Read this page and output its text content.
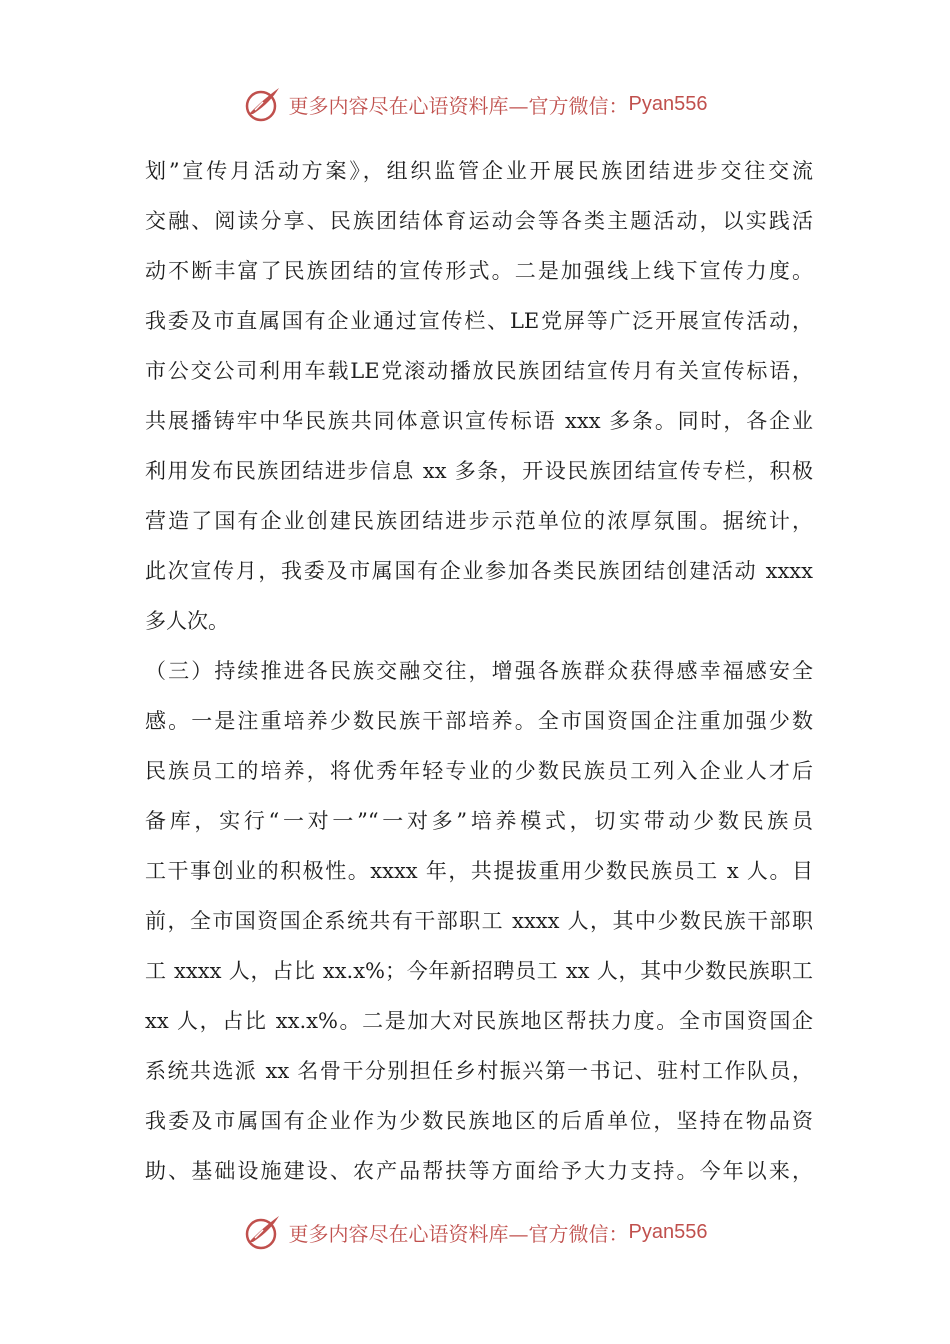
更多内容尽在心语资料库—官方微信： Pyan556
划”宣传月活动方案》，组织监管企业开展民族团结进步交往交流
交融、阅读分享、民族团结体育运动会等各类主题活动，以实践活
动不断丰富了民族团结的宣传形式。二是加强线上线下宣传力度。
我委及市直属国有企业通过宣传栏、LE党屏等广泛开展宣传活动，
市公交公司利用车载LE党滚动播放民族团结宣传月有关宣传标语，
共展播铸牢中华民族共同体意识宣传标语 xxx 多条。同时，各企业
利用发布民族团结进步信息 xx 多条，开设民族团结宣传专栏，积极
营造了国有企业创建民族团结进步示范单位的浓厚氛围。据统计，
此次宣传月，我委及市属国有企业参加各类民族团结创建活动 xxxx
多人次。
（三）持续推进各民族交融交往，增强各族群众获得感幸福感安全
感。一是注重培养少数民族干部培养。全市国资国企注重加强少数
民族员工的培养，将优秀年轻专业的少数民族员工列入企业人才后
备库，实行“一对一”“一对多”培养模式，切实带动少数民族员
工干事创业的积极性。xxxx 年，共提拔重用少数民族员工 x 人。目
前，全市国资国企系统共有干部职工 xxxx 人，其中少数民族干部职
工 xxxx 人，占比 xx.x%；今年新招聘员工 xx 人，其中少数民族职工
xx 人，占比 xx.x%。二是加大对民族地区帮扶力度。全市国资国企
系统共选派 xx 名骨干分别担任乡村振兴第一书记、驻村工作队员，
我委及市属国有企业作为少数民族地区的后盾单位，坚持在物品资
助、基础设施建设、农产品帮扶等方面给予大力支持。今年以来，
更多内容尽在心语资料库—官方微信： Pyan556
